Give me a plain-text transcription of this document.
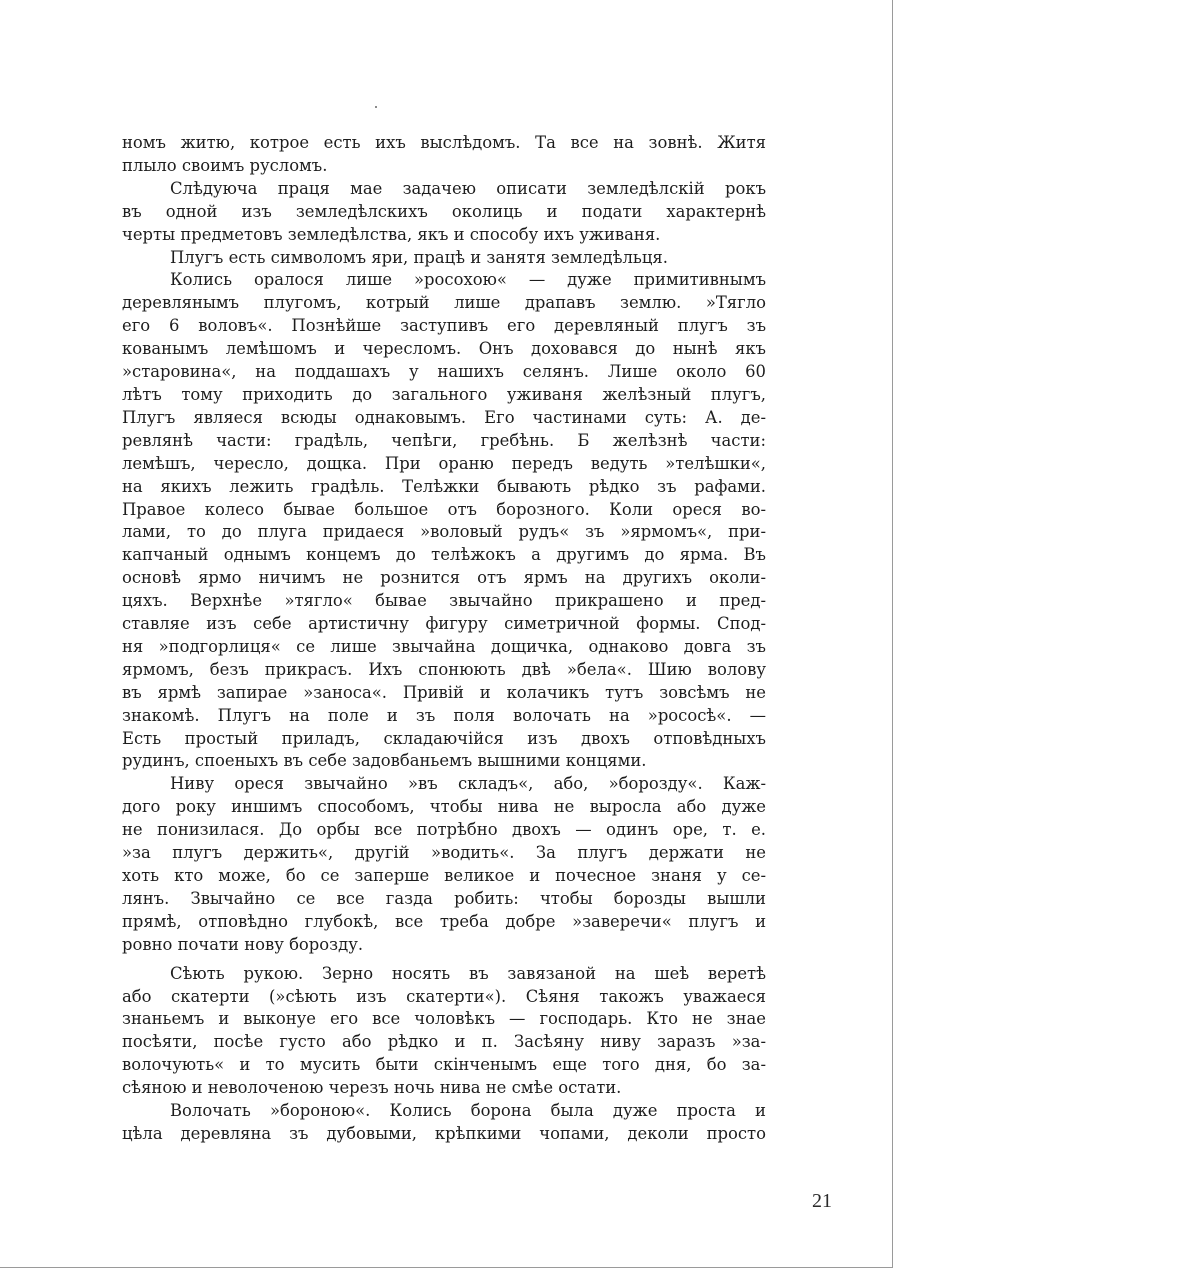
номъ житю, котрое есть ихъ выслѣдомъ. Та все на зовнѣ. Житя
плыло своимъ русломъ.
Слѣдуюча праця мае задачею описати земледѣлскій рокъ
въ одной изъ земледѣлскихъ околиць и подати характернѣ
черты предметовъ земледѣлства, якъ и способу ихъ уживаня.
Плугъ есть символомъ яри, працѣ и занятя земледѣльця.
Колись оралося лише »росохою« — дуже примитивнымъ
деревлянымъ плугомъ, котрый лише драпавъ землю. »Тягло
его 6 воловъ«. Познѣйше заступивъ его деревляный плугъ зъ
кованымъ лемѣшомъ и чересломъ. Онъ доховався до нынѣ якъ
»старовина«, на поддашахъ у нашихъ селянъ. Лише около 60
лѣтъ тому приходить до загального уживаня желѣзный плугъ,
Плугъ являеся всюды однаковымъ. Его частинами суть: А. де-
ревлянѣ части: градѣль, чепѣги, гребѣнь. Б желѣзнѣ части:
лемѣшъ, чересло, дощка. При ораню передъ ведуть »телѣшки«,
на якихъ лежить градѣль. Телѣжки бывають рѣдко зъ рафами.
Правое колесо бывае большое отъ борозного. Коли ореся во-
лами, то до плуга придаеся »воловый рудъ« зъ »ярмомъ«, при-
капчаный однымъ концемъ до телѣжокъ а другимъ до ярма. Въ
основѣ ярмо ничимъ не рознится отъ ярмъ на другихъ околи-
цяхъ. Верхнѣе »тягло« бывае звычайно прикрашено и пред-
ставляе изъ себе артистичну фигуру симетричной формы. Спод-
ня »подгорлиця« се лише звычайна дощичка, однаково довга зъ
ярмомъ, безъ прикрасъ. Ихъ спонюють двѣ »бела«. Шию волову
въ ярмѣ запирае »заноса«. Привій и колачикъ тутъ зовсѣмъ не
знакомѣ. Плугъ на поле и зъ поля волочать на »рососѣ«. —
Есть простый приладъ, складаючійся изъ двохъ отповѣдныхъ
рудинъ, споеныхъ въ себе задовбаньемъ вышними концями.
Ниву ореся звычайно »въ складъ«, або, »борозду«. Каж-
дого року иншимъ способомъ, чтобы нива не выросла або дуже
не понизилася. До орбы все потрѣбно двохъ — одинъ оре, т. е.
»за плугъ держить«, другій »водить«. За плугъ держати не
хоть кто може, бо се заперше великое и почесное знаня у се-
лянъ. Звычайно се все газда робить: чтобы борозды вышли
прямѣ, отповѣдно глубокѣ, все треба добре »заверечи« плугъ и
ровно почати нову борозду.
Сѣють рукою. Зерно носять въ завязаной на шеѣ веретѣ
або скатерти (»сѣють изъ скатерти«). Сѣяня такожъ уважаеся
знаньемъ и выконуе его все чоловѣкъ — господарь. Кто не знае
посѣяти, посѣе густо або рѣдко и п. Засѣяну ниву заразъ »за-
волочують« и то мусить быти скінченымъ еще того дня, бо за-
сѣяною и неволоченою черезъ ночь нива не смѣе остати.
Волочать »бороною«. Колись борона была дуже проста и
цѣла деревляна зъ дубовыми, крѣпкими чопами, деколи просто
21
